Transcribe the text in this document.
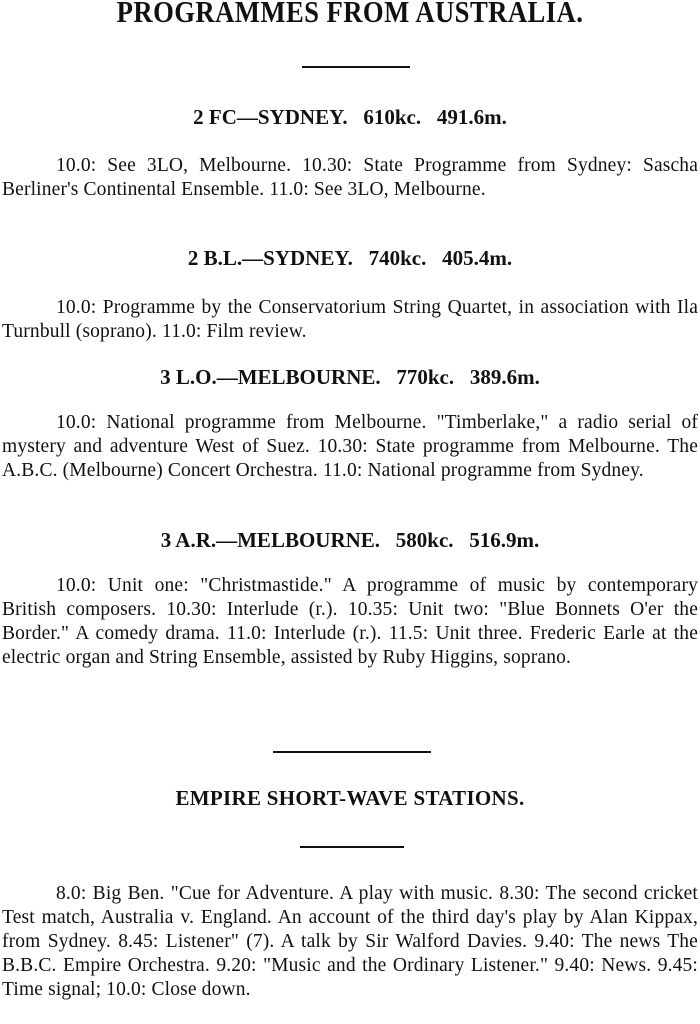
PROGRAMMES FROM AUSTRALIA.
2 FC—SYDNEY.   610kc.   491.6m.

10.0: See 3LO, Melbourne. 10.30: State Programme from Sydney: Sascha Berliner's Continental Ensemble. 11.0: See 3LO, Melbourne.

2 B.L.—SYDNEY.   740kc.   405.4m.

10.0: Programme by the Conservatorium String Quartet, in association with Ila Turnbull (soprano). 11.0: Film review.

3 L.O.—MELBOURNE.   770kc.   389.6m.

10.0: National programme from Melbourne. "Timberlake," a radio serial of mystery and adventure West of Suez. 10.30: State programme from Melbourne. The A.B.C. (Melbourne) Concert Orchestra. 11.0: National programme from Sydney.

3 A.R.—MELBOURNE.   580kc.   516.9m.

10.0: Unit one: "Christmastide." A programme of music by contemporary British composers. 10.30: Interlude (r.). 10.35: Unit two: "Blue Bonnets O'er the Border." A comedy drama. 11.0: Interlude (r.). 11.5: Unit three. Frederic Earle at the electric organ and String Ensemble, assisted by Ruby Higgins, soprano.

EMPIRE SHORT-WAVE STATIONS.

8.0: Big Ben. "Cue for Adventure. A play with music. 8.30: The second cricket Test match, Australia v. England. An account of the third day's play by Alan Kippax, from Sydney. 8.45: Listener" (7). A talk by Sir Walford Davies. 9.40: The news The B.B.C. Empire Orchestra. 9.20: "Music and the Ordinary Listener." 9.40: News. 9.45: Time signal; 10.0: Close down.
